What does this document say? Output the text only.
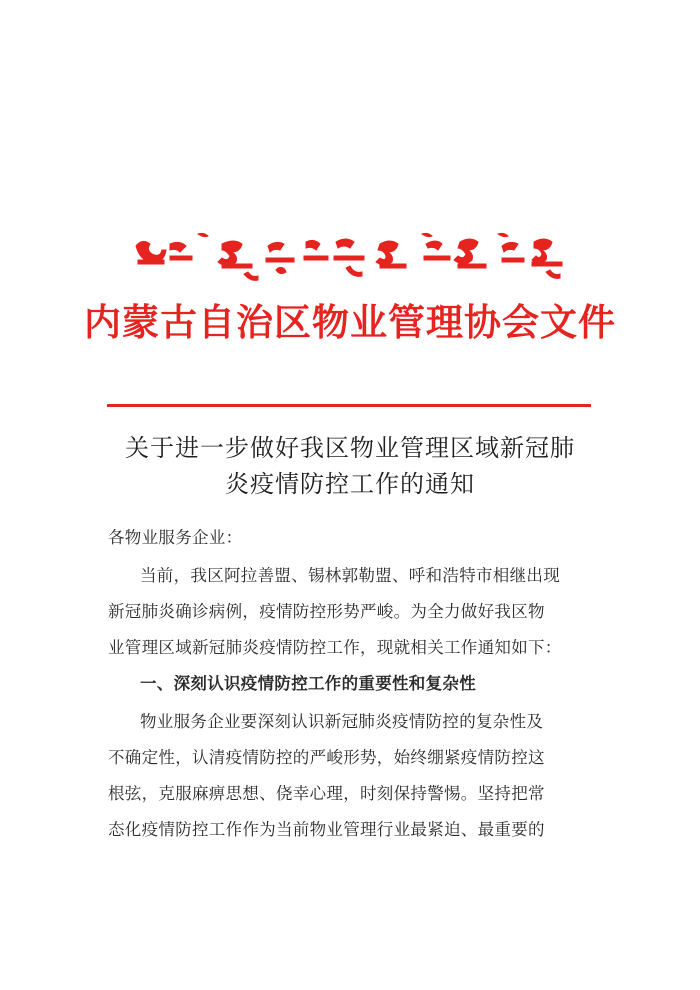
内蒙古自治区物业管理协会文件
关于进一步做好我区物业管理区域新冠肺
炎疫情防控工作的通知
各物业服务企业：
当前，我区阿拉善盟、锡林郭勒盟、呼和浩特市相继出现
新冠肺炎确诊病例，疫情防控形势严峻。为全力做好我区物
业管理区域新冠肺炎疫情防控工作，现就相关工作通知如下：
一、深刻认识疫情防控工作的重要性和复杂性
物业服务企业要深刻认识新冠肺炎疫情防控的复杂性及
不确定性，认清疫情防控的严峻形势，始终绷紧疫情防控这
根弦，克服麻痹思想、侥幸心理，时刻保持警惕。坚持把常
态化疫情防控工作作为当前物业管理行业最紧迫、最重要的
